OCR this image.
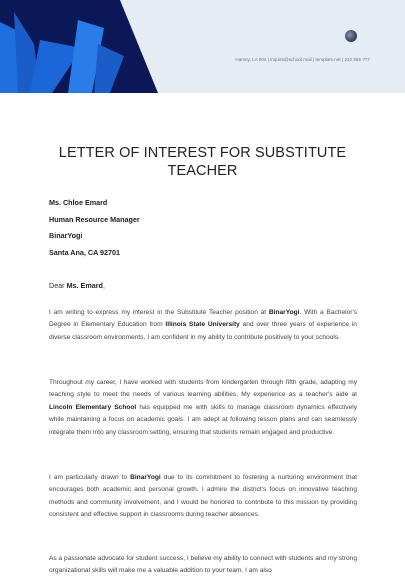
Harvey, LA 504 | inquire@school.mail | template.net | 222 555 777
LETTER OF INTEREST FOR SUBSTITUTE TEACHER
Ms. Chloe Emard
Human Resource Manager
BinarYogi
Santa Ana, CA 92701
Dear Ms. Emard,
I am writing to express my interest in the Substitute Teacher position at BinarYogi. With a Bachelor's Degree in Elementary Education from Illinois State University and over three years of experience in diverse classroom environments, I am confident in my ability to contribute positively to your schools.
Throughout my career, I have worked with students from kindergarten through fifth grade, adapting my teaching style to meet the needs of various learning abilities. My experience as a teacher's aide at Lincoln Elementary School has equipped me with skills to manage classroom dynamics effectively while maintaining a focus on academic goals. I am adept at following lesson plans and can seamlessly integrate them into any classroom setting, ensuring that students remain engaged and productive.
I am particularly drawn to BinarYogi due to its commitment to fostering a nurturing environment that encourages both academic and personal growth. I admire the district's focus on innovative teaching methods and community involvement, and I would be honored to contribute to this mission by providing consistent and effective support in classrooms during teacher absences.
As a passionate advocate for student success, I believe my ability to connect with students and my strong organizational skills will make me a valuable addition to your team. I am also
